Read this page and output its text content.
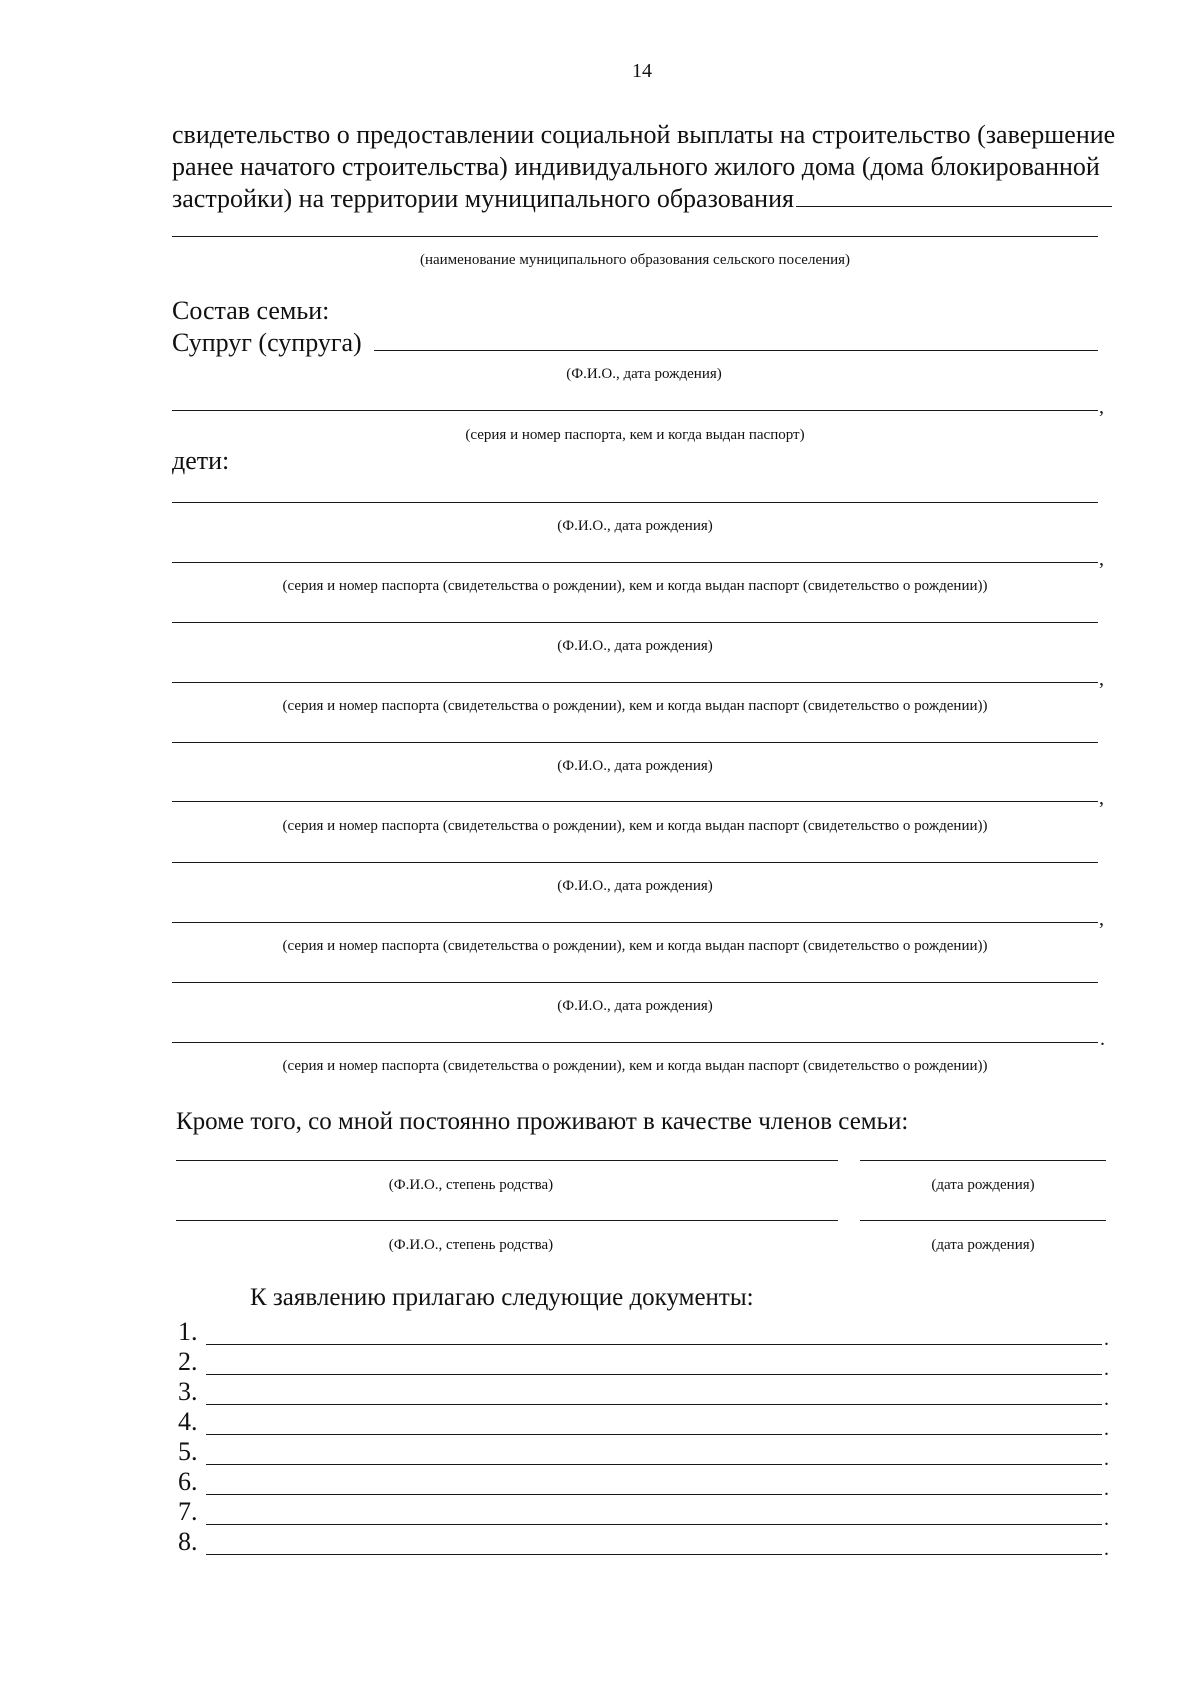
14
свидетельство о предоставлении социальной выплаты на строительство (завершение
ранее начатого строительства) индивидуального жилого дома (дома блокированной
застройки) на территории муниципального образования
(наименование муниципального образования сельского поселения)
Состав семьи:
Супруг (супруга)
(Ф.И.О., дата рождения)
,
(серия и номер паспорта, кем и когда выдан паспорт)
дети:
(Ф.И.О., дата рождения)
,
(серия и номер паспорта (свидетельства о рождении), кем и когда выдан паспорт (свидетельство о рождении))
(Ф.И.О., дата рождения)
,
(серия и номер паспорта (свидетельства о рождении), кем и когда выдан паспорт (свидетельство о рождении))
(Ф.И.О., дата рождения)
,
(серия и номер паспорта (свидетельства о рождении), кем и когда выдан паспорт (свидетельство о рождении))
(Ф.И.О., дата рождения)
,
(серия и номер паспорта (свидетельства о рождении), кем и когда выдан паспорт (свидетельство о рождении))
(Ф.И.О., дата рождения)
.
(серия и номер паспорта (свидетельства о рождении), кем и когда выдан паспорт (свидетельство о рождении))
Кроме того, со мной постоянно проживают в качестве членов семьи:
(Ф.И.О., степень родства)	(дата рождения)
(Ф.И.О., степень родства)	(дата рождения)
К заявлению прилагаю следующие документы:
1.	.
2.	.
3.	.
4.	.
5.	.
6.	.
7.	.
8.	.
